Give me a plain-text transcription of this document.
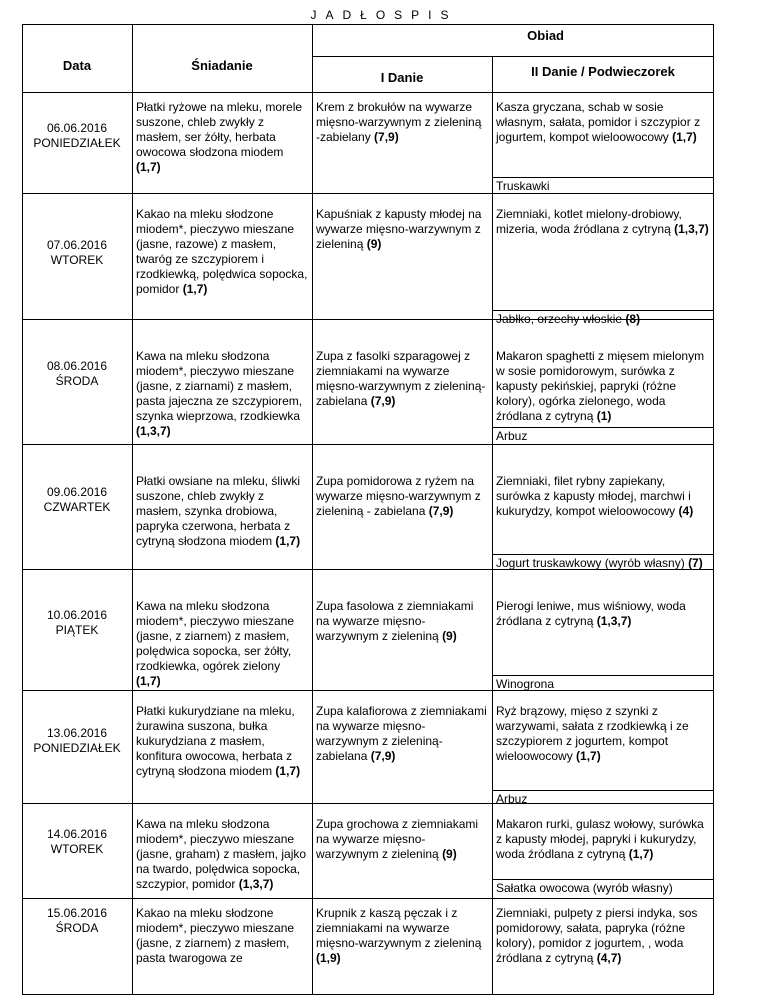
JADŁOSPIS
Data	Śniadanie
Obiad
I Danie	II Danie / Podwieczorek
06.06.2016
PONIEDZIAŁEK
Płatki ryżowe na mleku, morele suszone, chleb zwykły z masłem, ser żółty, herbata owocowa słodzona miodem (1,7)
Krem z brokułów na wywarze mięsno-warzywnym z zieleniną -zabielany (7,9)
Kasza gryczana, schab w sosie własnym, sałata, pomidor i szczypior z jogurtem, kompot wieloowocowy (1,7)
Truskawki
07.06.2016
WTOREK
Kakao na mleku słodzone miodem*, pieczywo mieszane (jasne, razowe) z masłem, twaróg ze szczypiorem i rzodkiewką, polędwica sopocka, pomidor (1,7)
Kapuśniak z kapusty młodej na wywarze mięsno-warzywnym z zieleniną (9)
Ziemniaki, kotlet mielony-drobiowy, mizeria, woda źródlana z cytryną (1,3,7)
Jabłko, orzechy włoskie (8)
08.06.2016
ŚRODA
Kawa na mleku słodzona miodem*, pieczywo mieszane (jasne, z ziarnami) z masłem, pasta jajeczna ze szczypiorem, szynka wieprzowa, rzodkiewka (1,3,7)
Zupa z fasolki szparagowej z ziemniakami na wywarze mięsno-warzywnym z zieleniną- zabielana (7,9)
Makaron spaghetti z mięsem mielonym w sosie pomidorowym, surówka z kapusty pekińskiej, papryki (różne kolory), ogórka zielonego, woda źródlana z cytryną (1)
Arbuz
09.06.2016
CZWARTEK
Płatki owsiane na mleku, śliwki suszone, chleb zwykły z masłem, szynka drobiowa, papryka czerwona, herbata z cytryną słodzona miodem (1,7)
Zupa pomidorowa z ryżem na wywarze mięsno-warzywnym z zieleniną - zabielana (7,9)
Ziemniaki, filet rybny zapiekany, surówka z kapusty młodej, marchwi i kukurydzy, kompot wieloowocowy (4)
Jogurt truskawkowy (wyrób własny) (7)
10.06.2016
PIĄTEK
Kawa na mleku słodzona miodem*, pieczywo mieszane (jasne, z ziarnem) z masłem, polędwica sopocka, ser żółty, rzodkiewka, ogórek zielony (1,7)
Zupa fasolowa z ziemniakami na wywarze mięsno-warzywnym z zieleniną (9)
Pierogi leniwe, mus wiśniowy, woda źródlana z cytryną (1,3,7)
Winogrona
13.06.2016
PONIEDZIAŁEK
Płatki kukurydziane na mleku, żurawina suszona, bułka kukurydziana z masłem, konfitura owocowa, herbata z cytryną słodzona miodem (1,7)
Zupa kalafiorowa z ziemniakami na wywarze mięsno-warzywnym z zieleniną- zabielana (7,9)
Ryż brązowy, mięso z szynki z warzywami, sałata z rzodkiewką i ze szczypiorem z jogurtem, kompot wieloowocowy (1,7)
Arbuz
14.06.2016
WTOREK
Kawa na mleku słodzona miodem*, pieczywo mieszane (jasne, graham) z masłem, jajko na twardo, polędwica sopocka, szczypior, pomidor (1,3,7)
Zupa grochowa z ziemniakami na wywarze mięsno-warzywnym z zieleniną (9)
Makaron rurki, gulasz wołowy, surówka z kapusty młodej, papryki i kukurydzy, woda źródlana z cytryną (1,7)
Sałatka owocowa (wyrób własny)
15.06.2016
ŚRODA
Kakao na mleku słodzone miodem*, pieczywo mieszane (jasne, z ziarnem) z masłem, pasta twarogowa ze
Krupnik z kaszą pęczak i z ziemniakami na wywarze mięsno-warzywnym z zieleniną (1,9)
Ziemniaki, pulpety z piersi indyka, sos pomidorowy, sałata, papryka (różne kolory), pomidor z jogurtem, , woda źródlana z cytryną (4,7)
